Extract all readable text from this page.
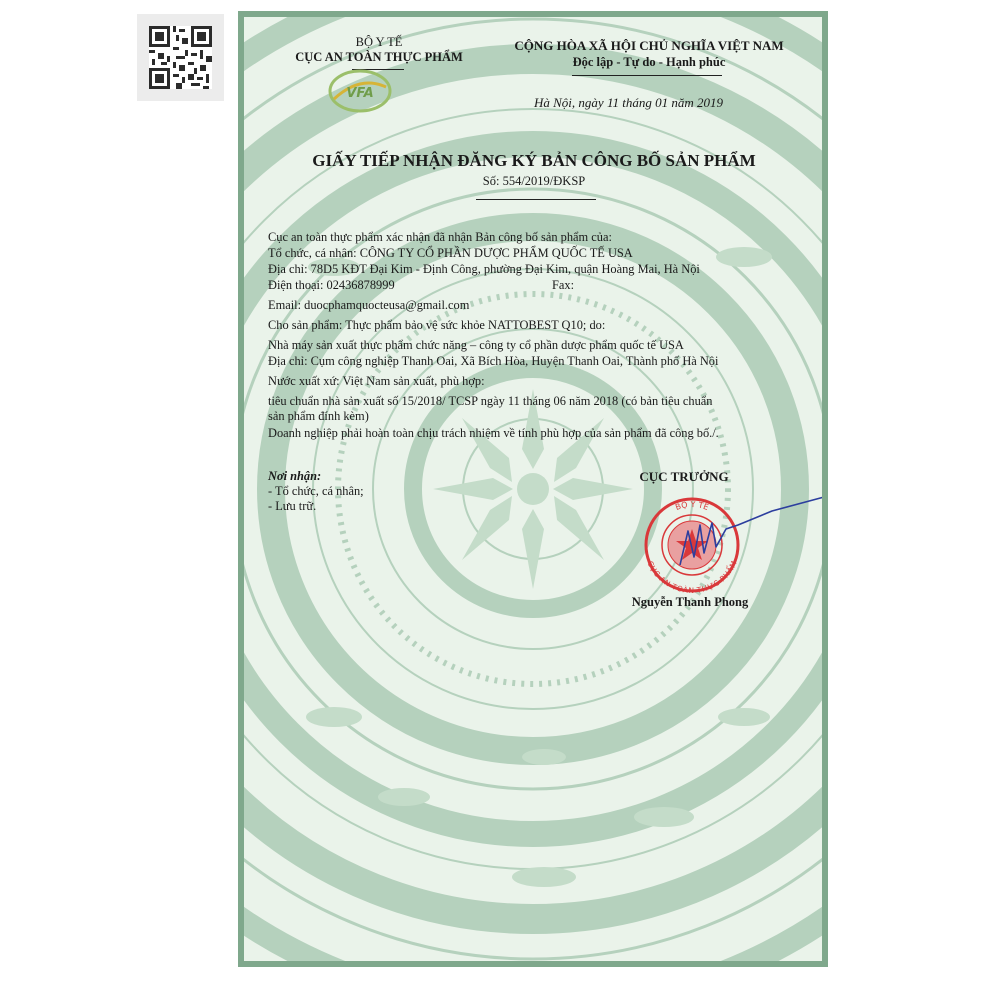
BỘ Y TẾ
CỤC AN TOÀN THỰC PHẨM
VFA
CỘNG HÒA XÃ HỘI CHỦ NGHĨA VIỆT NAM
Độc lập - Tự do - Hạnh phúc
Hà Nội, ngày 11 tháng 01 năm 2019
GIẤY TIẾP NHẬN ĐĂNG KÝ BẢN CÔNG BỐ SẢN PHẨM
Số: 554/2019/ĐKSP
Cục an toàn thực phẩm xác nhận đã nhận Bản công bố sản phẩm của:
Tổ chức, cá nhân: CÔNG TY CỔ PHẦN DƯỢC PHẨM QUỐC TẾ USA
Địa chỉ: 78D5 KĐT Đại Kim - Định Công, phường Đại Kim, quận Hoàng Mai, Hà Nội
Điện thoại: 02436878999	Fax:
Email: duocphamquocteusa@gmail.com
Cho sản phẩm: Thực phẩm bảo vệ sức khỏe NATTOBEST Q10; do:
Nhà máy sản xuất thực phẩm chức năng – công ty cổ phần dược phẩm quốc tế USA
Địa chỉ: Cụm công nghiệp Thanh Oai, Xã Bích Hòa, Huyện Thanh Oai, Thành phố Hà Nội
Nước xuất xứ: Việt Nam sản xuất, phù hợp:
tiêu chuẩn nhà sản xuất số 15/2018/ TCSP ngày 11 tháng 06 năm 2018 (có bản tiêu chuẩn
sản phẩm đính kèm)
Doanh nghiệp phải hoàn toàn chịu trách nhiệm về tính phù hợp của sản phẩm đã công bố./.
Nơi nhận:
- Tổ chức, cá nhân;
- Lưu trữ.
CỤC TRƯỞNG
BỘ Y TẾ
CỤC AN TOÀN THỰC PHẨM
Nguyễn Thanh Phong
